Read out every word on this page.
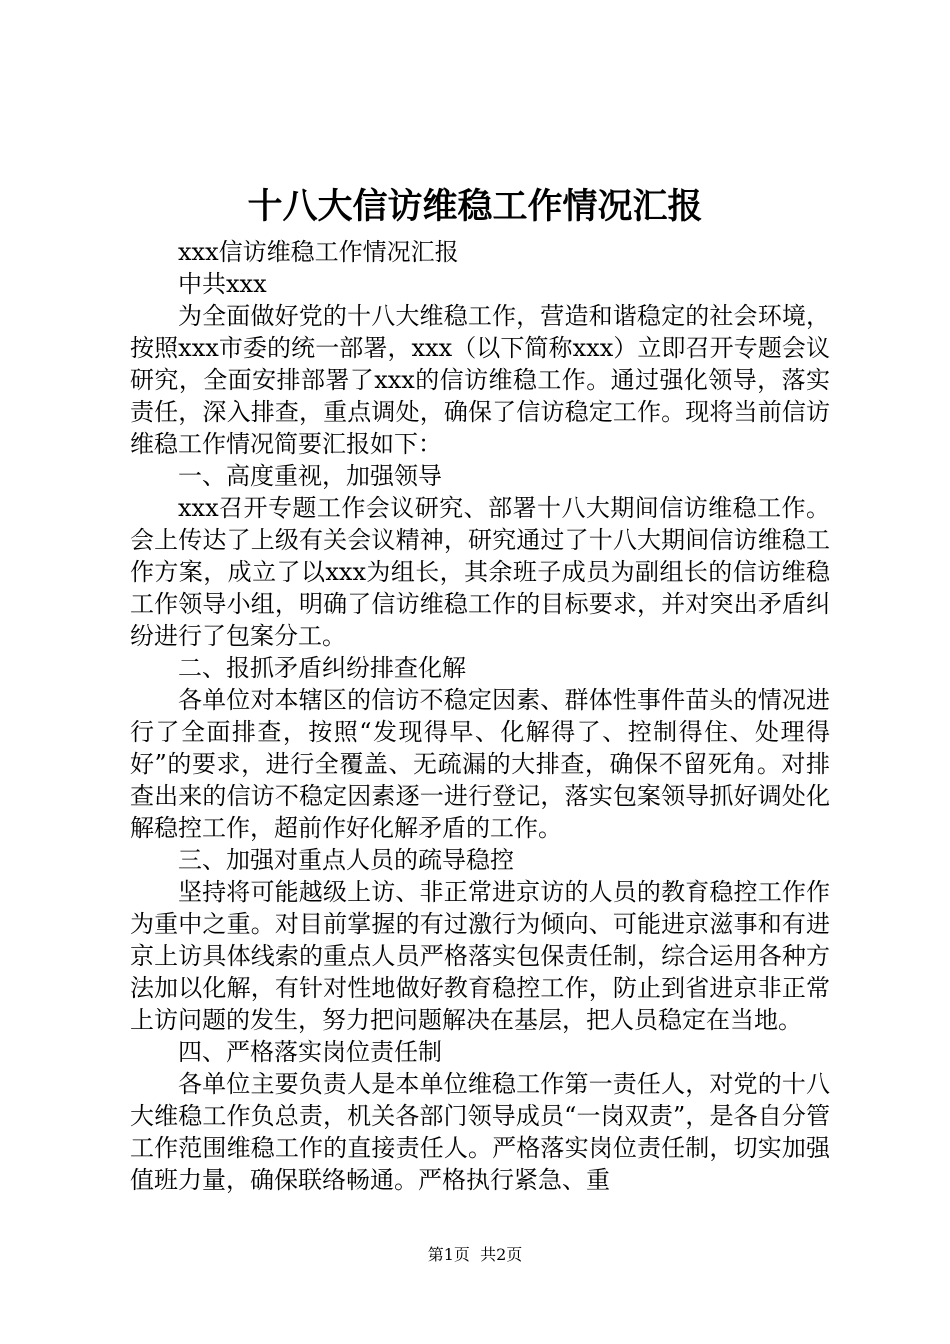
十八大信访维稳工作情况汇报

xxx信访维稳工作情况汇报

中共xxx

为全面做好党的十八大维稳工作，营造和谐稳定的社会环境，按照xxx市委的统一部署，xxx（以下简称xxx）立即召开专题会议研究，全面安排部署了xxx的信访维稳工作。通过强化领导，落实责任，深入排查，重点调处，确保了信访稳定工作。现将当前信访维稳工作情况简要汇报如下：

一、高度重视，加强领导

xxx召开专题工作会议研究、部署十八大期间信访维稳工作。会上传达了上级有关会议精神，研究通过了十八大期间信访维稳工作方案，成立了以xxx为组长，其余班子成员为副组长的信访维稳工作领导小组，明确了信访维稳工作的目标要求，并对突出矛盾纠纷进行了包案分工。

二、报抓矛盾纠纷排查化解

各单位对本辖区的信访不稳定因素、群体性事件苗头的情况进行了全面排查，按照“发现得早、化解得了、控制得住、处理得好”的要求，进行全覆盖、无疏漏的大排查，确保不留死角。对排查出来的信访不稳定因素逐一进行登记，落实包案领导抓好调处化解稳控工作，超前作好化解矛盾的工作。

三、加强对重点人员的疏导稳控

坚持将可能越级上访、非正常进京访的人员的教育稳控工作作为重中之重。对目前掌握的有过激行为倾向、可能进京滋事和有进京上访具体线索的重点人员严格落实包保责任制，综合运用各种方法加以化解，有针对性地做好教育稳控工作，防止到省进京非正常上访问题的发生，努力把问题解决在基层，把人员稳定在当地。

四、严格落实岗位责任制

各单位主要负责人是本单位维稳工作第一责任人，对党的十八大维稳工作负总责，机关各部门领导成员“一岗双责”，是各自分管工作范围维稳工作的直接责任人。严格落实岗位责任制，切实加强值班力量，确保联络畅通。严格执行紧急、重

第1页 共2页
